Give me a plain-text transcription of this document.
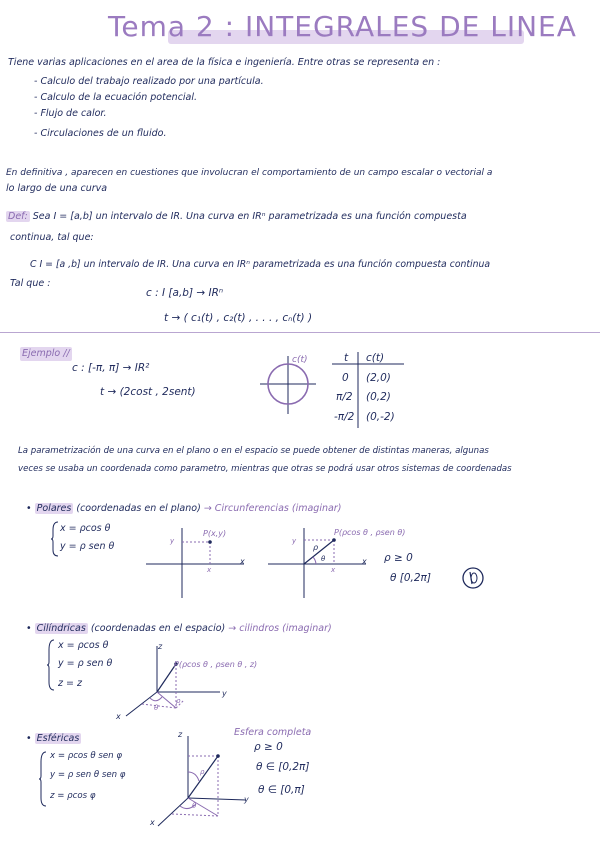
Tema 2 : INTEGRALES DE LINEA
Tiene varias aplicaciones en el area de la física e ingeniería. Entre otras se representa en :
- Calculo del trabajo realizado por una partícula.
- Calculo de la ecuación potencial.
- Flujo de calor.
- Circulaciones de un fluido.
En definitiva , aparecen en cuestiones que involucran el comportamiento de un campo escalar o vectorial a
lo largo de una curva
Def: Sea I = [a,b] un intervalo de IR. Una curva en IRⁿ parametrizada es una función compuesta
continua, tal que:
C I = [a ,b] un intervalo de IR. Una curva en IRⁿ parametrizada es una función compuesta continua
Tal que :
c : I [a,b] → IRⁿ
t → ( c₁(t) , c₂(t) , . . . , cₙ(t) )
Ejemplo //
c : [-π, π] → IR²
t → (2cost , 2sent)
c(t)	t c(t)
0 (2,0)
π/2 (0,2)
-π/2 (0,-2)
La parametrización de una curva en el plano o en el espacio se puede obtener de distintas maneras, algunas
veces se usaba un coordenada como parametro, mientras que otras se podrá usar otros sistemas de coordenadas
• Polares (coordenadas en el plano) → Circunferencias (imaginar)
x = ρcos θ
y = ρ sen θ
P(x,y)
x
x
y
P(ρcos θ , ρsen θ)
ρ
θ	x
x
y
ρ ≥ 0
θ [0,2π]
• Cilíndricas (coordenadas en el espacio) → cilindros (imaginar)
x = ρcos θ
y = ρ sen θ
z = z
z
y
x
P(ρcos θ , ρsen θ , z)
ρ
θ
• Esféricas
x = ρcos θ sen φ
y = ρ sen θ sen φ
z = ρcos φ
z
y
x
ρ
θ
Esfera completa
ρ ≥ 0
θ ∈ [0,2π]
θ ∈ [0,π]
